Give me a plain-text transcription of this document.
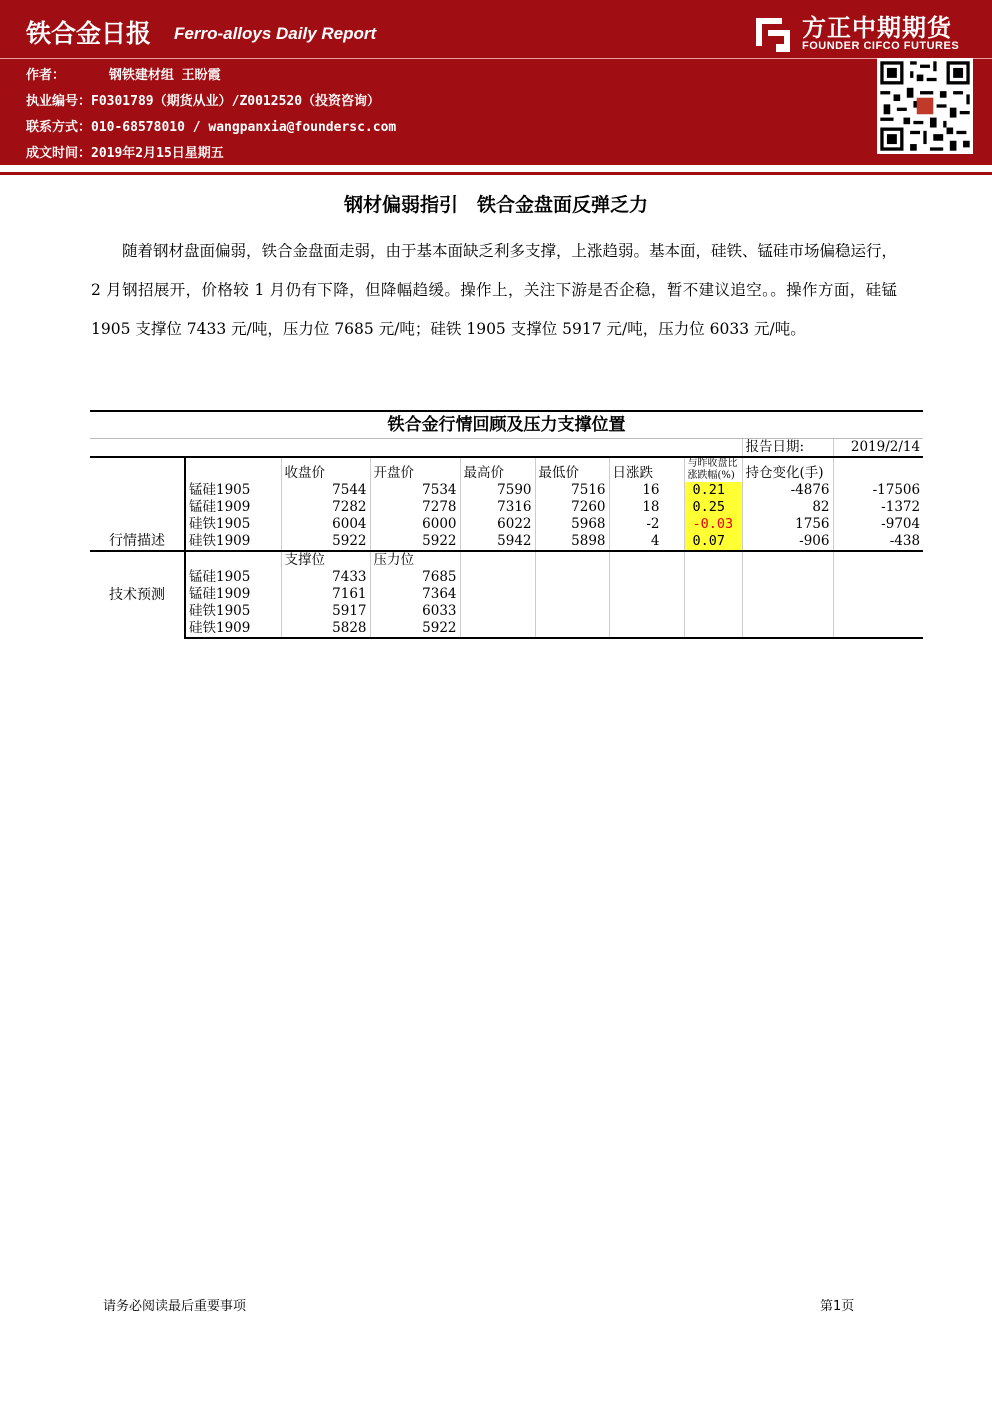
铁合金日报 Ferro-alloys Daily Report
作者：	钢铁建材组 王盼霞
执业编号：F0301789（期货从业）/Z0012520（投资咨询）
联系方式：010-68578010 / wangpanxia@foundersc.com
成文时间：2019年2月15日星期五
方正中期期货
FOUNDER CIFCO FUTURES
钢材偏弱指引　铁合金盘面反弹乏力
随着钢材盘面偏弱，铁合金盘面走弱，由于基本面缺乏利多支撑，上涨趋弱。基本面，硅铁、锰硅市场偏稳运行，2 月钢招展开，价格较 1 月仍有下降，但降幅趋缓。操作上，关注下游是否企稳，暂不建议追空。。操作方面，硅锰 1905 支撑位 7433 元/吨，压力位 7685 元/吨；硅铁 1905 支撑位 5917 元/吨，压力位 6033 元/吨。
铁合金行情回顾及压力支撑位置									
								报告日期:	2019/2/14
行情描述		收盘价	开盘价	最高价	最低价	日涨跌	与昨收盘比涨跌幅(%)	持仓变化(手)	
	锰硅1905	7544	7534	7590	7516	16	0.21	-4876	-17506
	锰硅1909	7282	7278	7316	7260	18	0.25	82	-1372
	硅铁1905	6004	6000	6022	5968	-2	-0.03	1756	-9704
	硅铁1909	5922	5922	5942	5898	4	0.07	-906	-438
技术预测		支撑位	压力位						
	锰硅1905	7433	7685						
	锰硅1909	7161	7364						
	硅铁1905	5917	6033						
	硅铁1909	5828	5922						
请务必阅读最后重要事项	第1页
